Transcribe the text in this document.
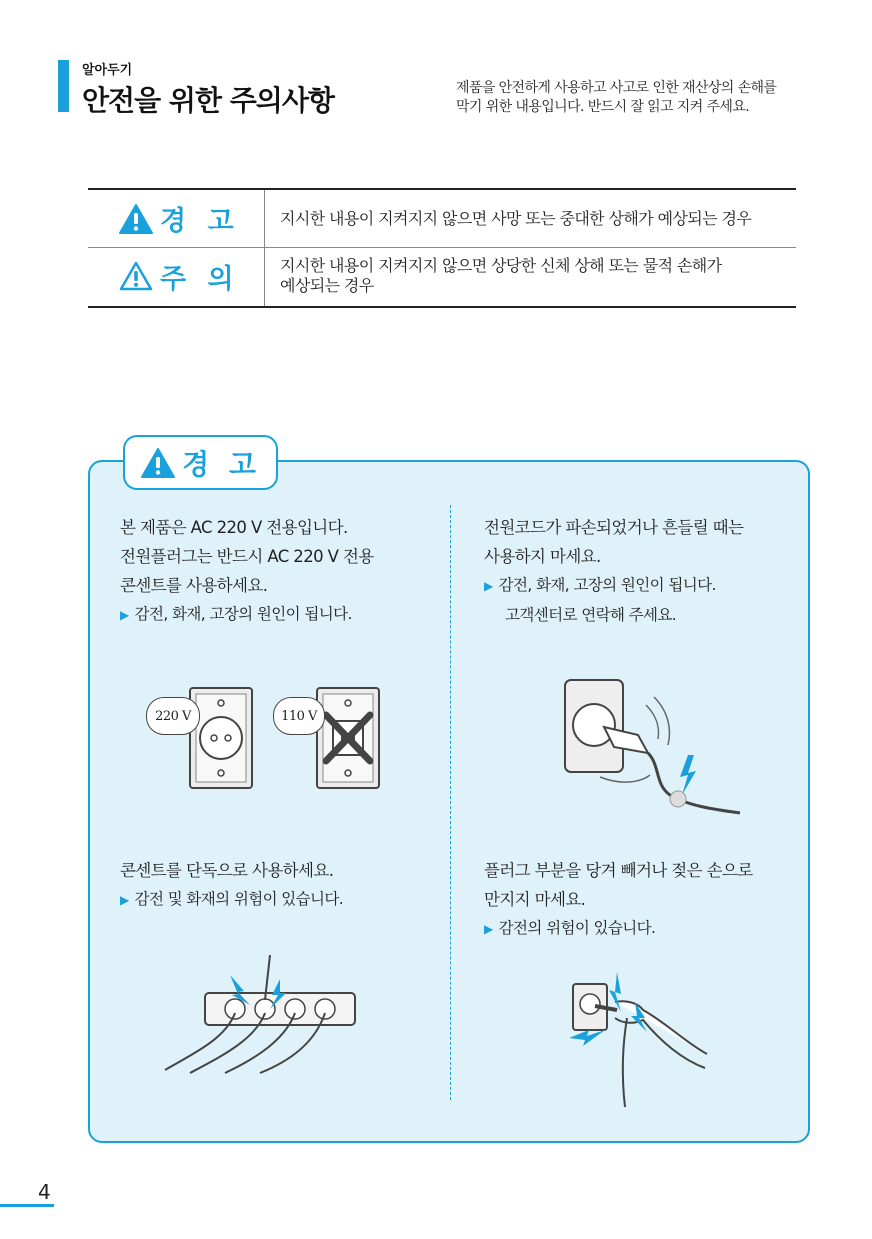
알아두기
안전을 위한 주의사항	제품을 안전하게 사용하고 사고로 인한 재산상의 손해를
막기 위한 내용입니다. 반드시 잘 읽고 지켜 주세요.
경 고	지시한 내용이 지켜지지 않으면 사망 또는 중대한 상해가 예상되는 경우
주 의	지시한 내용이 지켜지지 않으면 상당한 신체 상해 또는 물적 손해가
예상되는 경우
경 고
본 제품은 AC 220 V 전용입니다.
전원플러그는 반드시 AC 220 V 전용
콘센트를 사용하세요.
▶ 감전, 화재, 고장의 원인이 됩니다.
220 V	110 V
전원코드가 파손되었거나 흔들릴 때는
사용하지 마세요.
▶ 감전, 화재, 고장의 원인이 됩니다.
고객센터로 연락해 주세요.
콘센트를 단독으로 사용하세요.
▶ 감전 및 화재의 위험이 있습니다.
플러그 부분을 당겨 빼거나 젖은 손으로
만지지 마세요.
▶ 감전의 위험이 있습니다.
4
